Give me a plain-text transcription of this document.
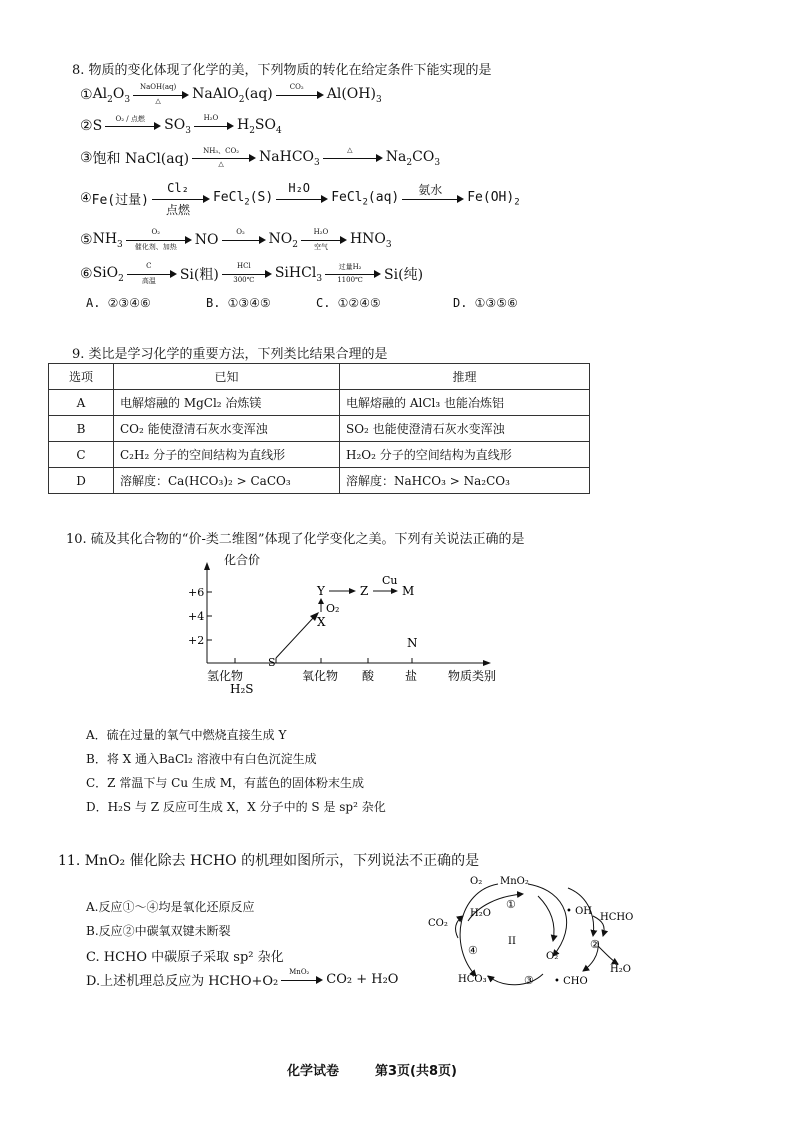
8. 物质的变化体现了化学的美，下列物质的转化在给定条件下能实现的是
① $Al_2O_3$
NaOH(aq)
△	NaAlO$_2$(aq)	CO₂	$Al(OH)_3$
② S	O₂ / 点燃	$SO_3$
H₂O	$H_2SO_4$
③ 饱和 NaCl(aq)	NH₃、CO₂
△	NaHCO$_3$
△	$Na_2CO_3$
④ Fe(过量)
Cl₂
点燃
FeCl$_2$(S)
H₂O
FeCl$_2$(aq)
氨水
$Fe(OH)_2$
⑤ $NH_3$
O₂
催化剂、加热	NO	O₂	$NO_2$
H₂O
空气
$HNO_3$
⑥ SiO$_2$
C
高温	Si(粗)
HCl
300℃	SiHCl$_3$
过量H₂
1100℃	Si(纯)
A. ②③④⑥	B. ①③④⑤	C. ①②④⑤	D. ①③⑤⑥
9. 类比是学习化学的重要方法，下列类比结果合理的是
选项	已知	推理
A	电解熔融的 MgCl₂ 冶炼镁	电解熔融的 AlCl₃ 也能冶炼铝
B	CO₂ 能使澄清石灰水变浑浊	SO₂ 也能使澄清石灰水变浑浊
C	C₂H₂ 分子的空间结构为直线形	H₂O₂ 分子的空间结构为直线形
D	溶解度：Ca(HCO₃)₂ > CaCO₃	溶解度：NaHCO₃ > Na₂CO₃
10. 硫及其化合物的“价-类二维图”体现了化学变化之美。下列有关说法正确的是
化合价
+6
+4
+2
氢化物	氧化物 酸	盐	物质类别
S
H₂S
X
O₂
Y	Z
Cu
M
N
A．硫在过量的氧气中燃烧直接生成 Y
B．将 X 通入BaCl₂ 溶液中有白色沉淀生成
C．Z 常温下与 Cu 生成 M，有蓝色的固体粉末生成
D．H₂S 与 Z 反应可生成 X，X 分子中的 S 是 sp² 杂化
11. MnO₂ 催化除去 HCHO 的机理如图所示，下列说法不正确的是
A.反应①～④均是氧化还原反应
B.反应②中碳氧双键未断裂
C. HCHO 中碳原子采取 sp² 杂化
D.上述机理总反应为 HCHO+O₂
MnO₂
CO₂ + H₂O
O₂ MnO₂
H₂O
CO₂
• OH
HCHO
O₂
H₂O
HCO₃⁻	• CHO
II
①
②
③
④
化学试卷	第3页(共8页)
